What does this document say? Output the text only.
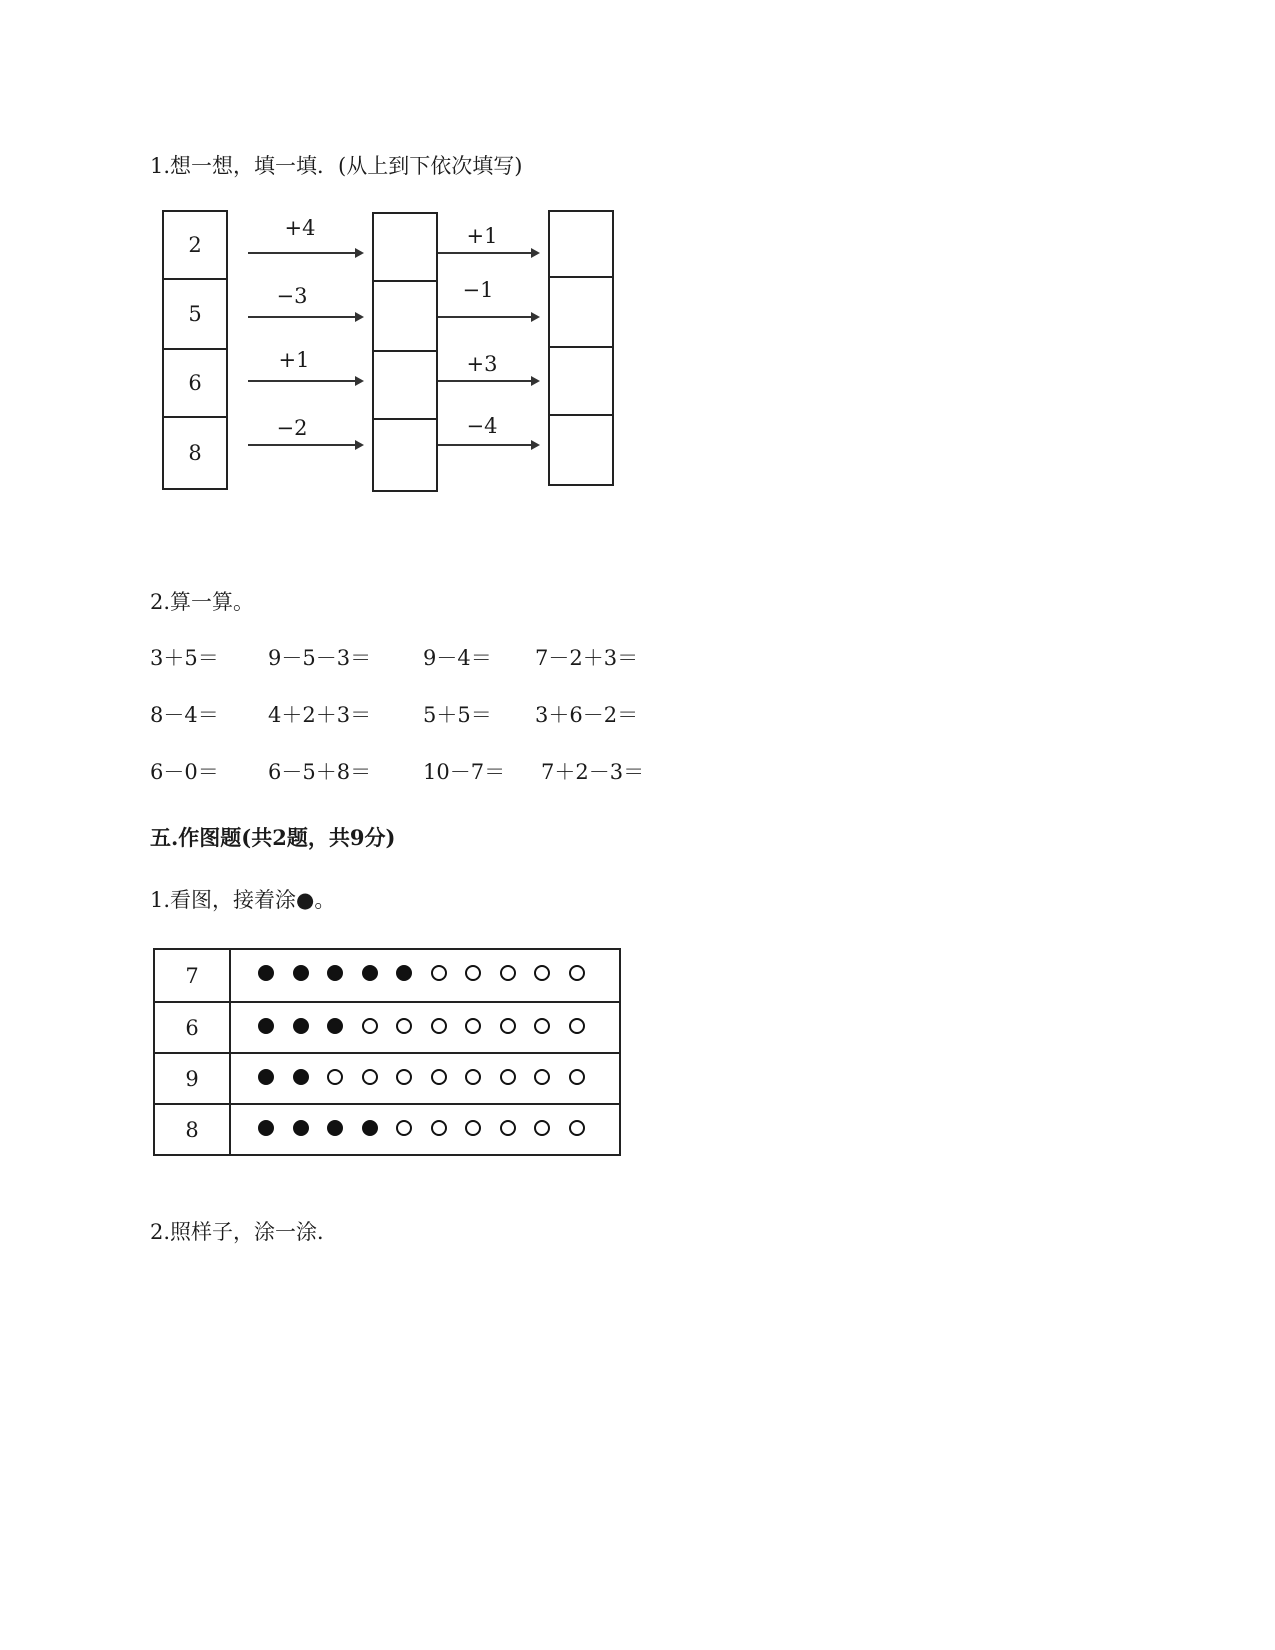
1.想一想，填一填．(从上到下依次填写)
2
5
6
8
+4
−3
+1
−2
+1
−1
+3
−4
2.算一算。
3＋5＝ 9－5－3＝ 9－4＝ 7－2＋3＝
8－4＝ 4＋2＋3＝ 5＋5＝ 3＋6－2＝
6－0＝ 6－5＋8＝ 10－7＝ 7＋2－3＝
五.作图题(共2题，共9分)
1.看图，接着涂●。
7
6
9
8
2.照样子，涂一涂．
